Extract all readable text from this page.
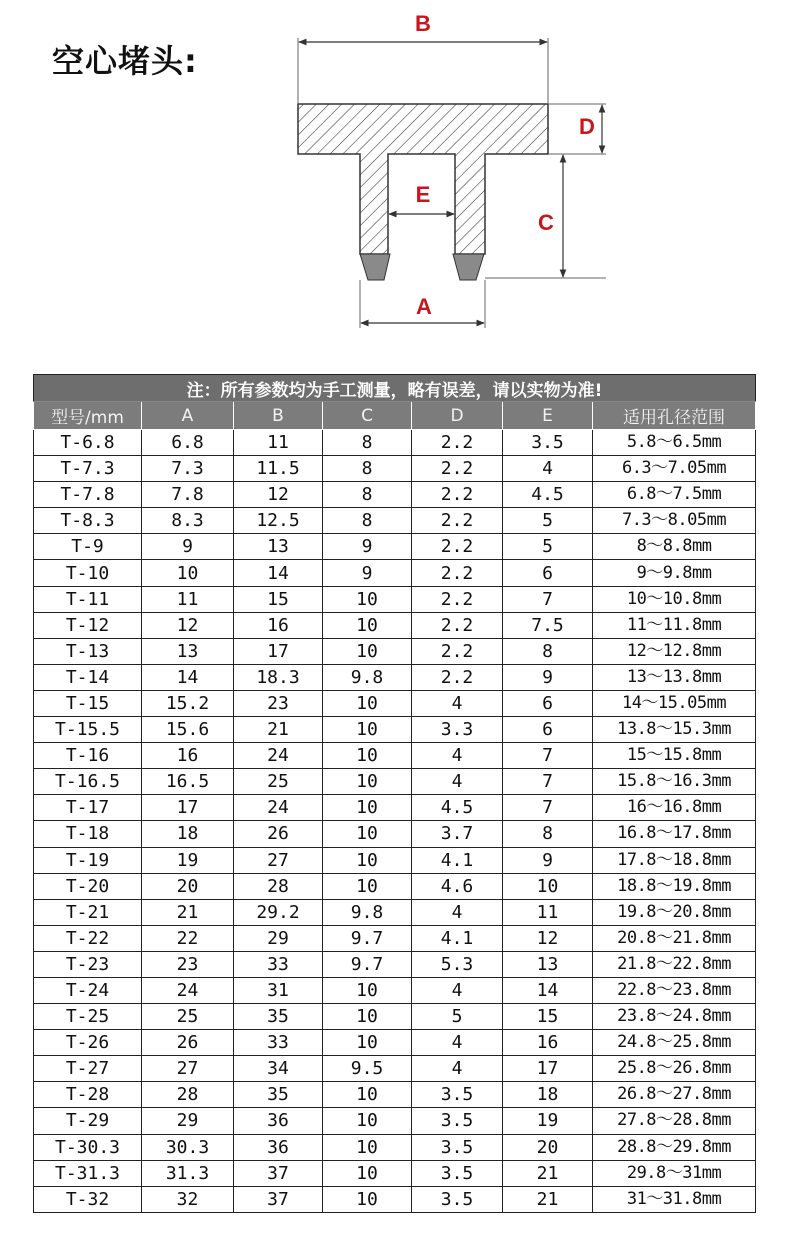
空心堵头:
B
D
E
C
A
注：所有参数均为手工测量，略有误差，请以实物为准!						
型号/mm	A	B	C	D	E	适用孔径范围
T-6.8	6.8	11	8	2.2	3.5	5.8～6.5mm
T-7.3	7.3	11.5	8	2.2	4	6.3～7.05mm
T-7.8	7.8	12	8	2.2	4.5	6.8～7.5mm
T-8.3	8.3	12.5	8	2.2	5	7.3～8.05mm
T-9	9	13	9	2.2	5	8～8.8mm
T-10	10	14	9	2.2	6	9～9.8mm
T-11	11	15	10	2.2	7	10～10.8mm
T-12	12	16	10	2.2	7.5	11～11.8mm
T-13	13	17	10	2.2	8	12～12.8mm
T-14	14	18.3	9.8	2.2	9	13～13.8mm
T-15	15.2	23	10	4	6	14～15.05mm
T-15.5	15.6	21	10	3.3	6	13.8～15.3mm
T-16	16	24	10	4	7	15～15.8mm
T-16.5	16.5	25	10	4	7	15.8～16.3mm
T-17	17	24	10	4.5	7	16～16.8mm
T-18	18	26	10	3.7	8	16.8～17.8mm
T-19	19	27	10	4.1	9	17.8～18.8mm
T-20	20	28	10	4.6	10	18.8～19.8mm
T-21	21	29.2	9.8	4	11	19.8～20.8mm
T-22	22	29	9.7	4.1	12	20.8～21.8mm
T-23	23	33	9.7	5.3	13	21.8～22.8mm
T-24	24	31	10	4	14	22.8～23.8mm
T-25	25	35	10	5	15	23.8～24.8mm
T-26	26	33	10	4	16	24.8～25.8mm
T-27	27	34	9.5	4	17	25.8～26.8mm
T-28	28	35	10	3.5	18	26.8～27.8mm
T-29	29	36	10	3.5	19	27.8～28.8mm
T-30.3	30.3	36	10	3.5	20	28.8～29.8mm
T-31.3	31.3	37	10	3.5	21	29.8～31mm
T-32	32	37	10	3.5	21	31～31.8mm
